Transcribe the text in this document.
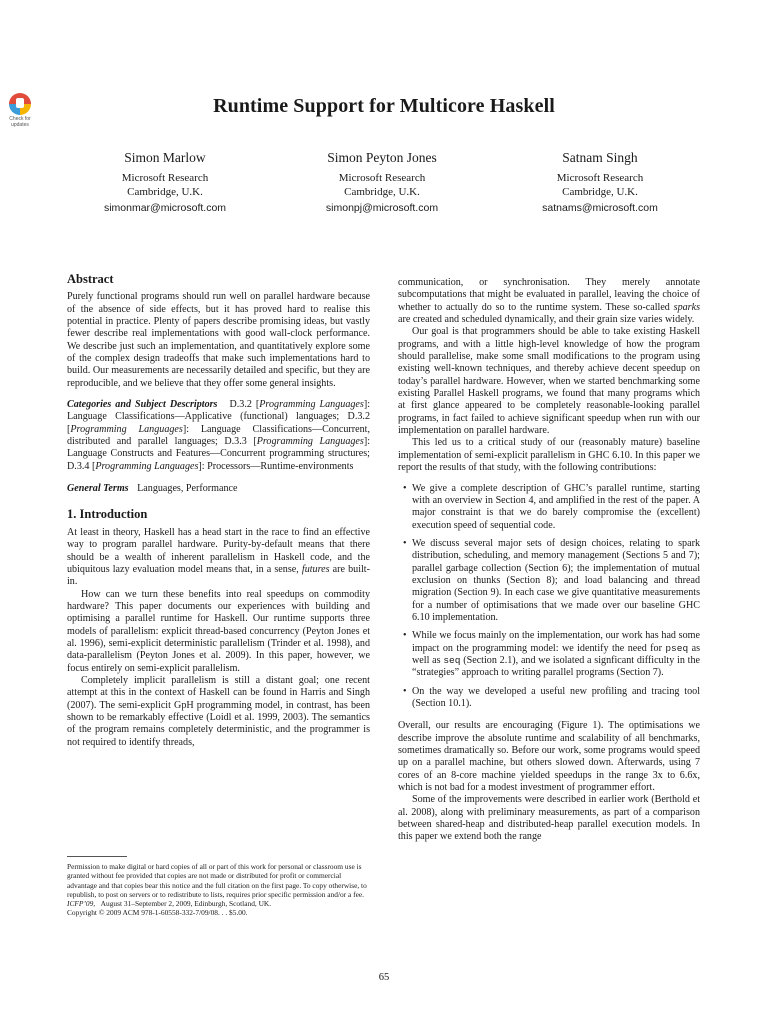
Check for
updates
Runtime Support for Multicore Haskell
Simon Marlow
Microsoft Research
Cambridge, U.K.
simonmar@microsoft.com
Simon Peyton Jones
Microsoft Research
Cambridge, U.K.
simonpj@microsoft.com
Satnam Singh
Microsoft Research
Cambridge, U.K.
satnams@microsoft.com
Abstract

Purely functional programs should run well on parallel hardware because of the absence of side effects, but it has proved hard to realise this potential in practice. Plenty of papers describe promising ideas, but vastly fewer describe real implementations with good wall-clock performance. We describe just such an implementation, and quantitatively explore some of the complex design tradeoffs that make such implementations hard to build. Our measurements are necessarily detailed and specific, but they are reproducible, and we believe that they offer some general insights.

Categories and Subject Descriptors D.3.2 [Programming Languages]: Language Classifications—Applicative (functional) languages; D.3.2 [Programming Languages]: Language Classifications—Concurrent, distributed and parallel languages; D.3.3 [Programming Languages]: Language Constructs and Features—Concurrent programming structures; D.3.4 [Programming Languages]: Processors—Runtime-environments

General Terms Languages, Performance

1. Introduction

At least in theory, Haskell has a head start in the race to find an effective way to program parallel hardware. Purity-by-default means that there should be a wealth of inherent parallelism in Haskell code, and the ubiquitous lazy evaluation model means that, in a sense, futures are built-in.

How can we turn these benefits into real speedups on commodity hardware? This paper documents our experiences with building and optimising a parallel runtime for Haskell. Our runtime supports three models of parallelism: explicit thread-based concurrency (Peyton Jones et al. 1996), semi-explicit deterministic parallelism (Trinder et al. 1998), and data-parallelism (Peyton Jones et al. 2009). In this paper, however, we focus entirely on semi-explicit parallelism.

Completely implicit parallelism is still a distant goal; one recent attempt at this in the context of Haskell can be found in Harris and Singh (2007). The semi-explicit GpH programming model, in contrast, has been shown to be remarkably effective (Loidl et al. 1999, 2003). The semantics of the program remains completely deterministic, and the programmer is not required to identify threads,

communication, or synchronisation. They merely annotate subcomputations that might be evaluated in parallel, leaving the choice of whether to actually do so to the runtime system. These so-called sparks are created and scheduled dynamically, and their grain size varies widely.

Our goal is that programmers should be able to take existing Haskell programs, and with a little high-level knowledge of how the program should parallelise, make some small modifications to the program using existing well-known techniques, and thereby achieve decent speedup on today’s parallel hardware. However, when we started benchmarking some existing Parallel Haskell programs, we found that many programs which at first glance appeared to be completely reasonable-looking parallel programs, in fact failed to achieve significant speedup when run with our implementation on parallel hardware.

This led us to a critical study of our (reasonably mature) baseline implementation of semi-explicit parallelism in GHC 6.10. In this paper we report the results of that study, with the following contributions:

• We give a complete description of GHC’s parallel runtime, starting with an overview in Section 4, and amplified in the rest of the paper. A major constraint is that we do barely compromise the (excellent) execution speed of sequential code.
• We discuss several major sets of design choices, relating to spark distribution, scheduling, and memory management (Sections 5 and 7); parallel garbage collection (Section 6); the implementation of mutual exclusion on thunks (Section 8); and load balancing and thread migration (Section 9). In each case we give quantitative measurements for a number of optimisations that we made over our baseline GHC 6.10 implementation.
• While we focus mainly on the implementation, our work has had some impact on the programming model: we identify the need for pseq as well as seq (Section 2.1), and we isolated a signficant difficulty in the “strategies” approach to writing parallel programs (Section 7).
• On the way we developed a useful new profiling and tracing tool (Section 10.1).

Overall, our results are encouraging (Figure 1). The optimisations we describe improve the absolute runtime and scalability of all benchmarks, sometimes dramatically so. Before our work, some programs would speed up on a parallel machine, but others slowed down. Afterwards, using 7 cores of an 8-core machine yielded speedups in the range 3x to 6.6x, which is not bad for a modest investment of programmer effort.

Some of the improvements were described in earlier work (Berthold et al. 2008), along with preliminary measurements, as part of a comparison between shared-heap and distributed-heap parallel execution models. In this paper we extend both the range

Permission to make digital or hard copies of all or part of this work for personal or classroom use is granted without fee provided that copies are not made or distributed for profit or commercial advantage and that copies bear this notice and the full citation on the first page. To copy otherwise, to republish, to post on servers or to redistribute to lists, requires prior specific permission and/or a fee.

ICFP’09, August 31–September 2, 2009, Edinburgh, Scotland, UK.

Copyright © 2009 ACM 978-1-60558-332-7/09/08. . . $5.00.

65
